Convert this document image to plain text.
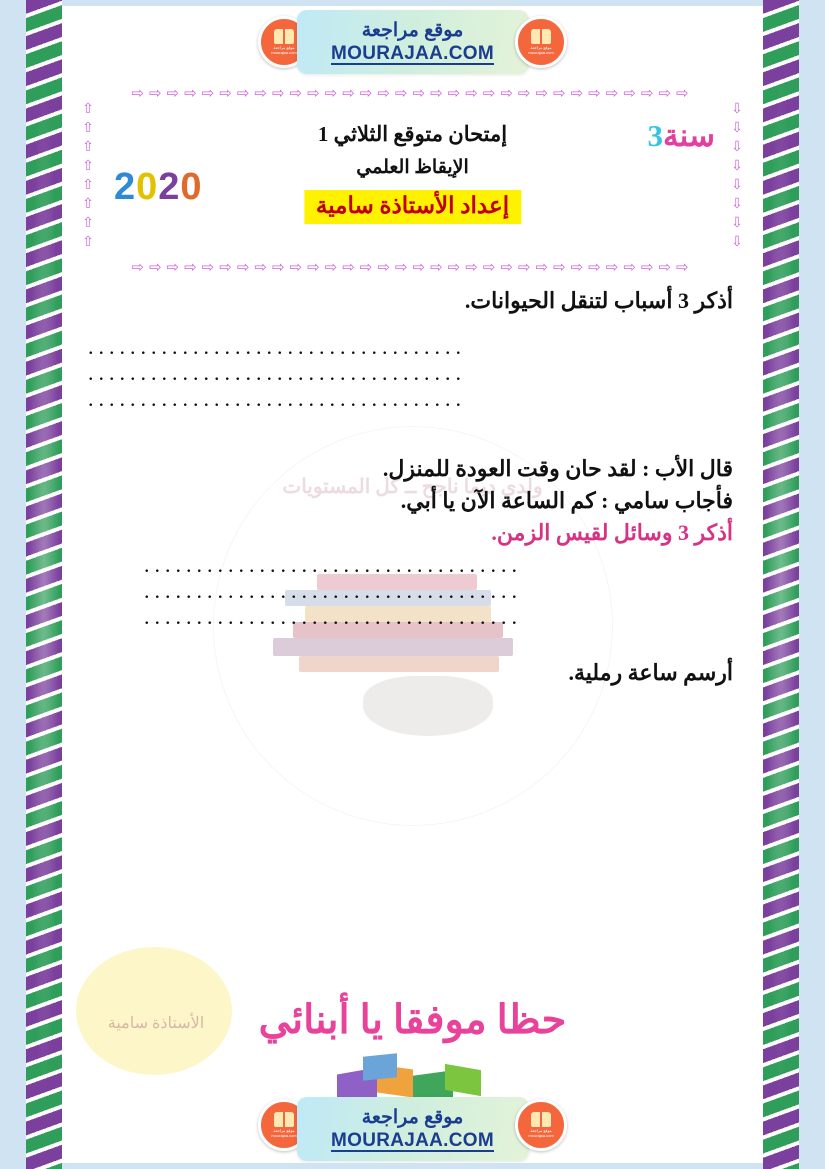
موقع مراجعة mourajaa.com
موقع مراجعة
MOURAJAA.COM	موقع مراجعة mourajaa.com
ولدي ديما ناجح ــ كل المستويات
⇨⇨⇨⇨⇨⇨⇨⇨⇨⇨⇨⇨⇨⇨⇨⇨⇨⇨⇨⇨⇨⇨⇨⇨⇨⇨⇨⇨⇨⇨⇨⇨
⇨⇨⇨⇨⇨⇨⇨⇨⇨⇨⇨⇨⇨⇨⇨⇨⇨⇨⇨⇨⇨⇨⇨⇨⇨⇨⇨⇨⇨⇨⇨⇨
⇧
⇧
⇧
⇧
⇧
⇧
⇧
⇧
⇩
⇩
⇩
⇩
⇩
⇩
⇩
⇩
سنة3
إمتحان متوقع الثلاثي 1
الإيقاظ العلمي
إعداد الأستاذة سامية
2020
أذكر 3 أسباب لتنقل الحيوانات.
....................................
....................................
....................................
قال الأب : لقد حان وقت العودة للمنزل.
فأجاب سامي : كم الساعة الآن يا أبي.
أذكر 3 وسائل لقيس الزمن.
....................................
....................................
....................................
أرسم ساعة رملية.
الأستاذة سامية	حظا موفقا يا أبنائي
موقع مراجعة mourajaa.com
موقع مراجعة
MOURAJAA.COM	موقع مراجعة mourajaa.com
